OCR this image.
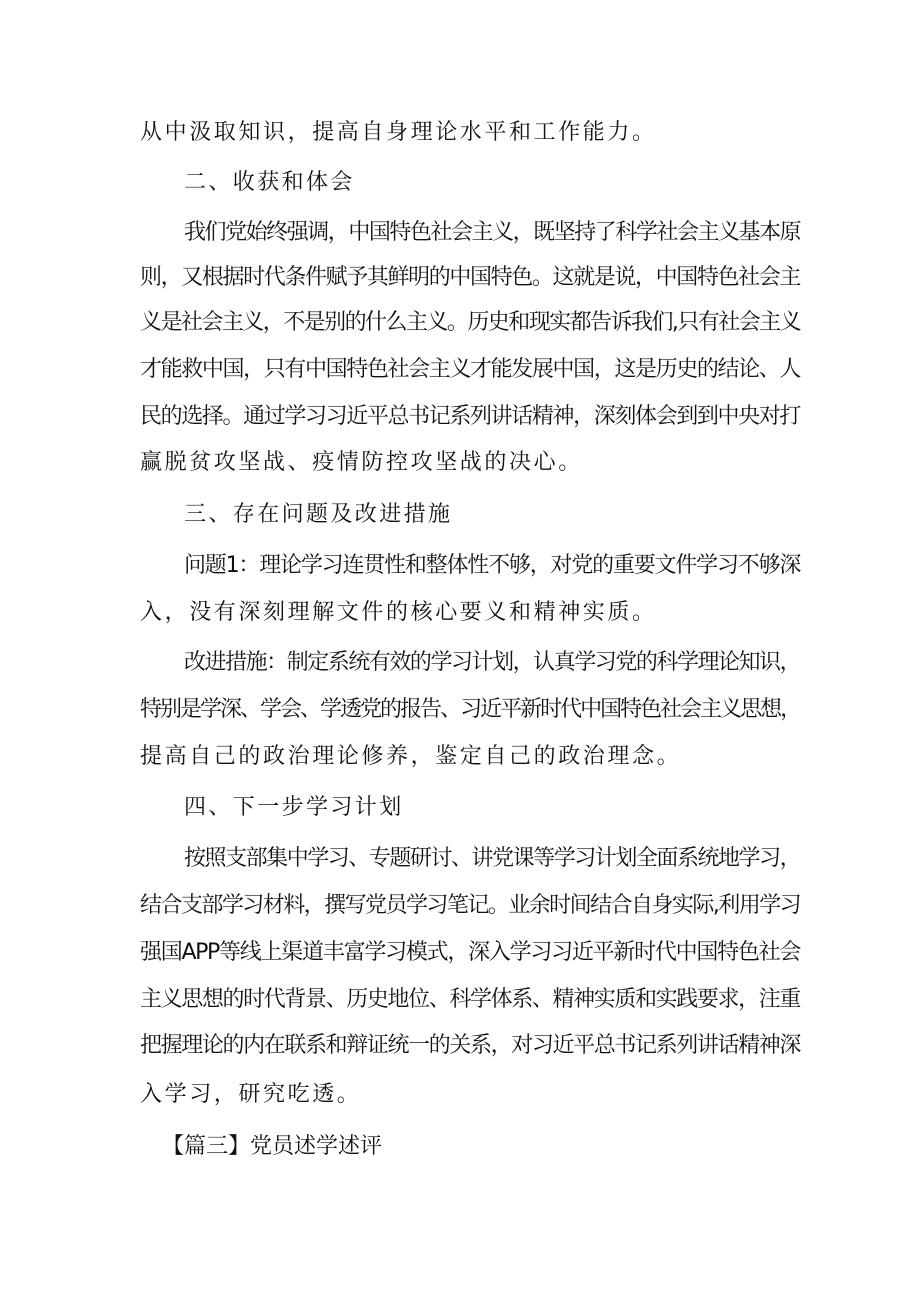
从中汲取知识，提高自身理论水平和工作能力。
二、收获和体会
我们党始终强调，中国特色社会主义，既坚持了科学社会主义基本原
则，又根据时代条件赋予其鲜明的中国特色。这就是说，中国特色社会主
义是社会主义，不是别的什么主义。历史和现实都告诉我们,只有社会主义
才能救中国，只有中国特色社会主义才能发展中国，这是历史的结论、人
民的选择。通过学习习近平总书记系列讲话精神，深刻体会到到中央对打
赢脱贫攻坚战、疫情防控攻坚战的决心。
三、存在问题及改进措施
问题1：理论学习连贯性和整体性不够，对党的重要文件学习不够深
入，没有深刻理解文件的核心要义和精神实质。
改进措施：制定系统有效的学习计划，认真学习党的科学理论知识，
特别是学深、学会、学透党的报告、习近平新时代中国特色社会主义思想，
提高自己的政治理论修养，鉴定自己的政治理念。
四、下一步学习计划
按照支部集中学习、专题研讨、讲党课等学习计划全面系统地学习，
结合支部学习材料，撰写党员学习笔记。业余时间结合自身实际,利用学习
强国APP等线上渠道丰富学习模式，深入学习习近平新时代中国特色社会
主义思想的时代背景、历史地位、科学体系、精神实质和实践要求，注重
把握理论的内在联系和辩证统一的关系，对习近平总书记系列讲话精神深
入学习，研究吃透。
【篇三】党员述学述评
